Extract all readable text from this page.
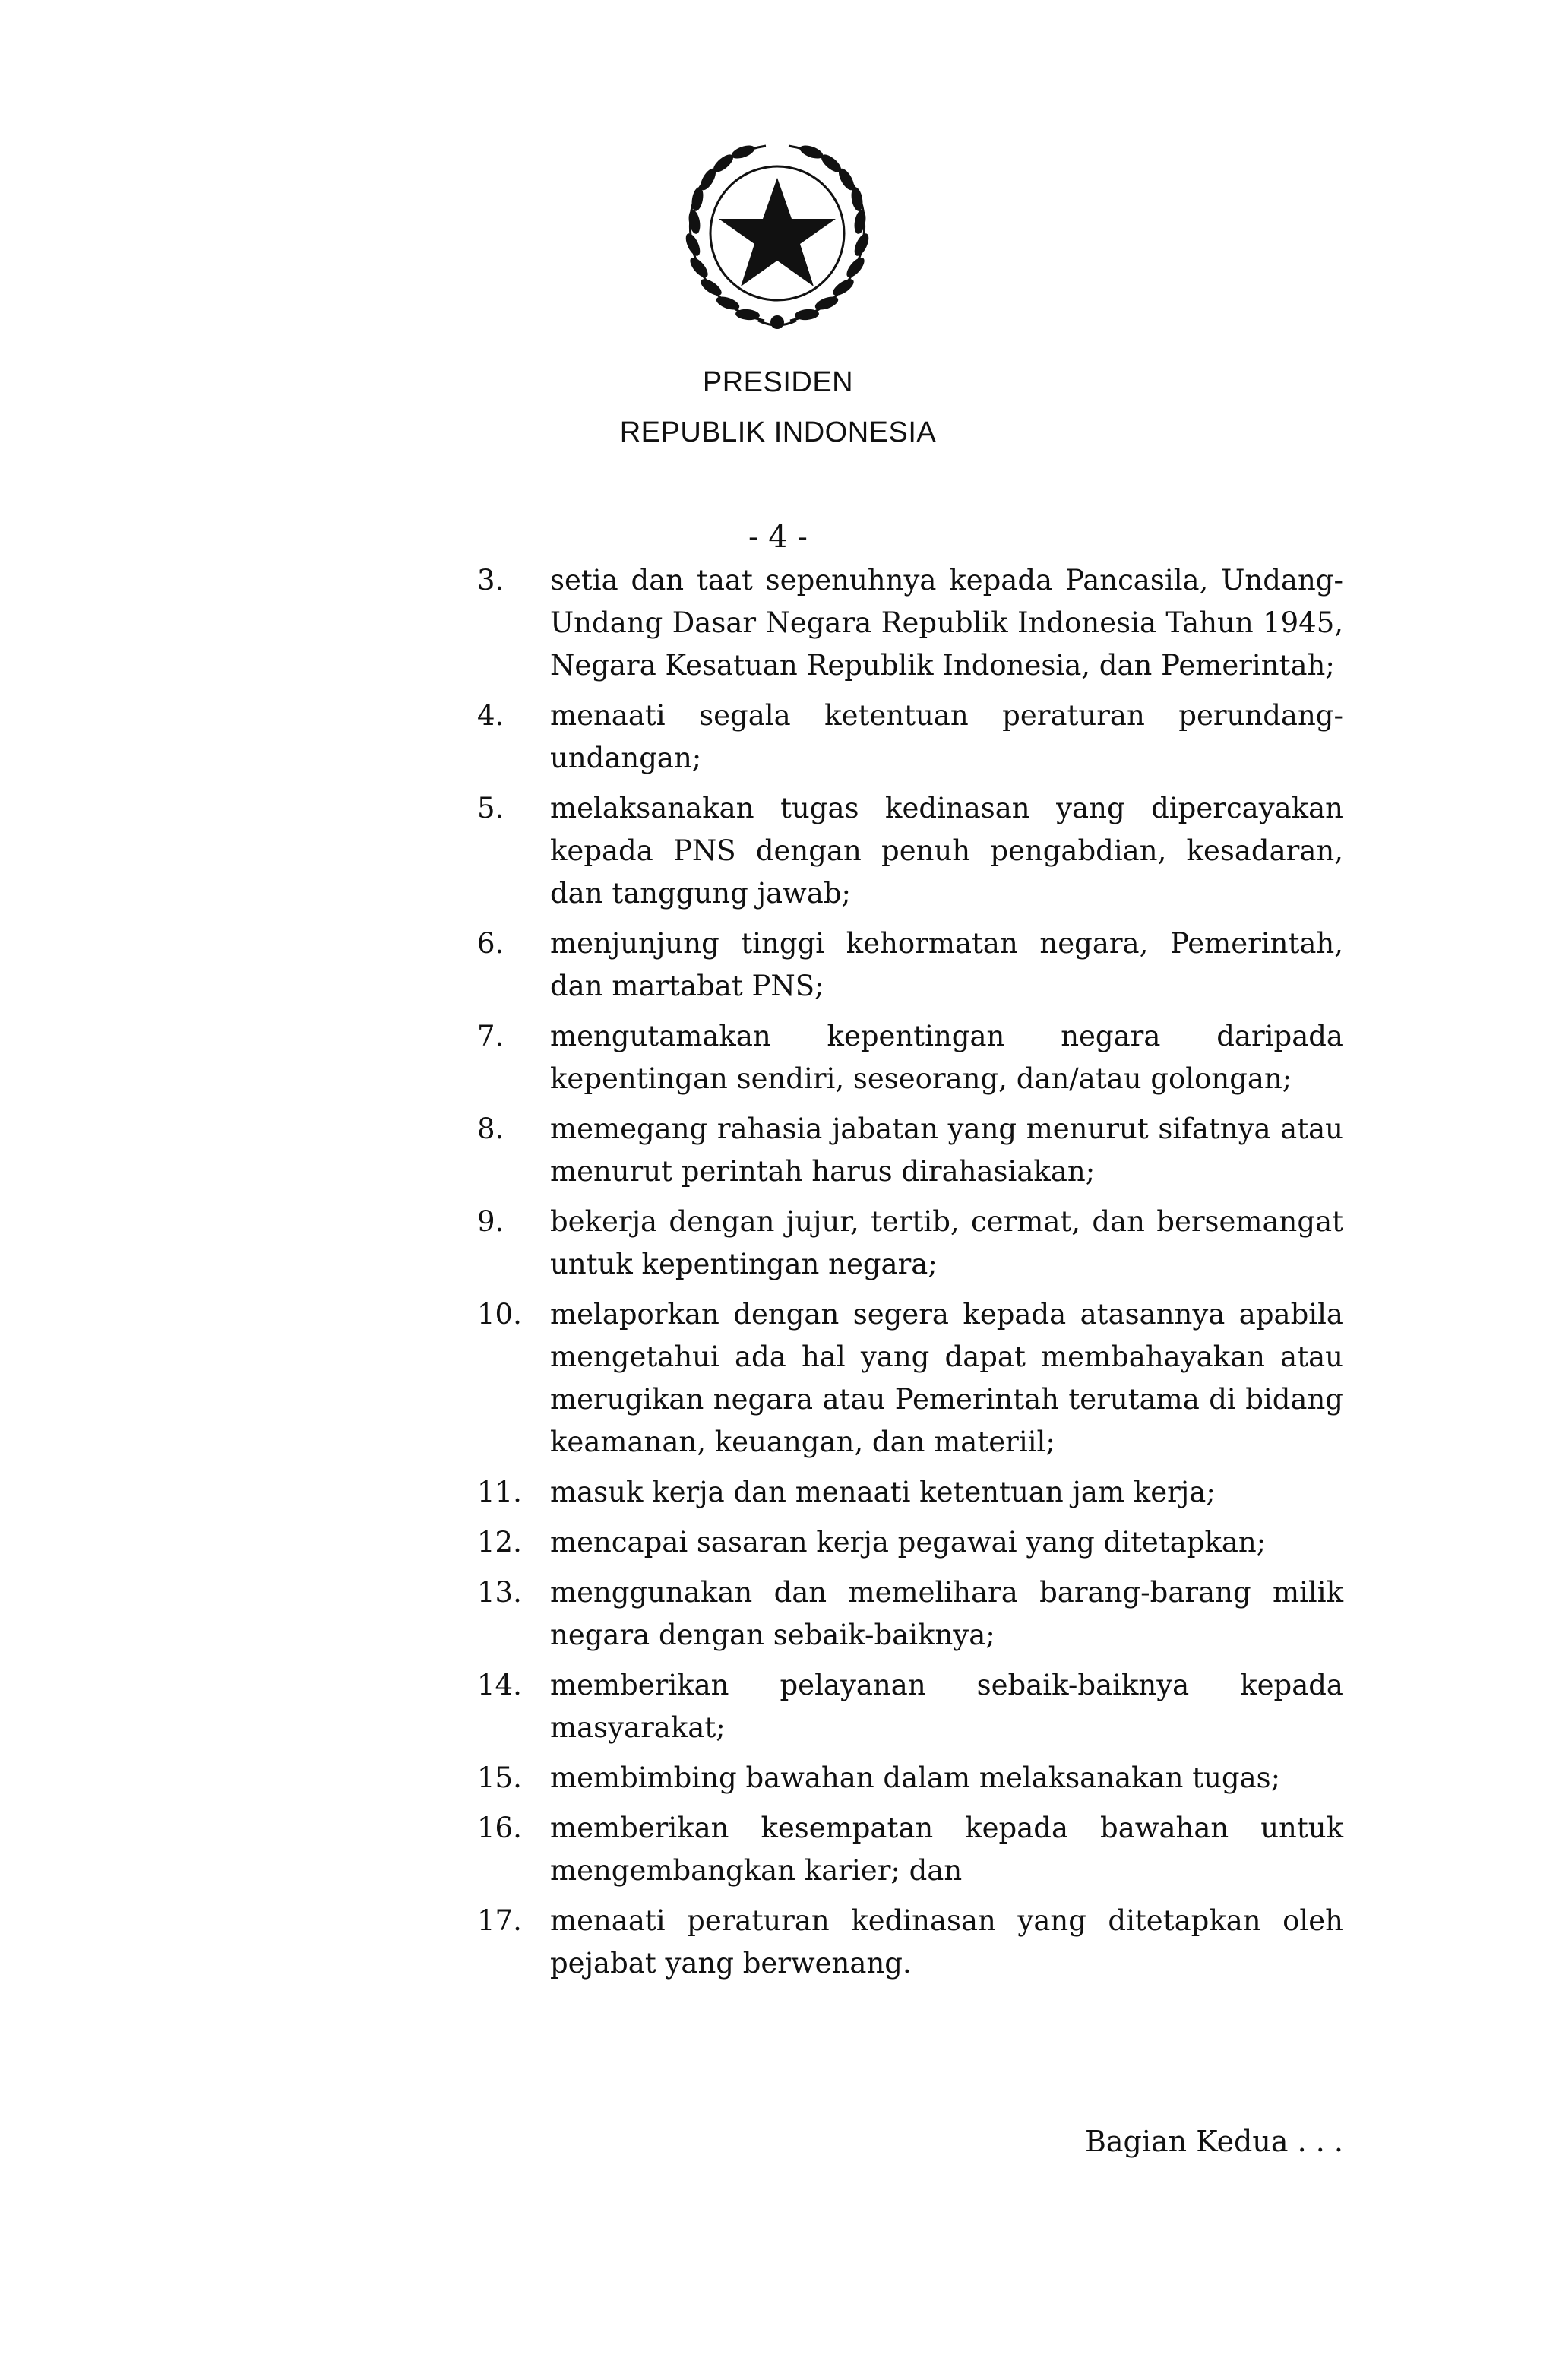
PRESIDEN
REPUBLIK INDONESIA
- 4 -
3.	setia dan taat sepenuhnya kepada Pancasila, Undang-Undang Dasar Negara Republik Indonesia Tahun 1945, Negara Kesatuan Republik Indonesia, dan Pemerintah;
4.	menaati segala ketentuan peraturan perundang-undangan;
5.	melaksanakan tugas kedinasan yang dipercayakan kepada PNS dengan penuh pengabdian, kesadaran, dan tanggung jawab;
6.	menjunjung tinggi kehormatan negara, Pemerintah, dan martabat PNS;
7.	mengutamakan kepentingan negara daripada kepentingan sendiri, seseorang, dan/atau golongan;
8.	memegang rahasia jabatan yang menurut sifatnya atau menurut perintah harus dirahasiakan;
9.	bekerja dengan jujur, tertib, cermat, dan bersemangat untuk kepentingan negara;
10.	melaporkan dengan segera kepada atasannya apabila mengetahui ada hal yang dapat membahayakan atau merugikan negara atau Pemerintah terutama di bidang keamanan, keuangan, dan materiil;
11.	masuk kerja dan menaati ketentuan jam kerja;
12.	mencapai sasaran kerja pegawai yang ditetapkan;
13.	menggunakan dan memelihara barang-barang milik negara dengan sebaik-baiknya;
14.	memberikan pelayanan sebaik-baiknya kepada masyarakat;
15.	membimbing bawahan dalam melaksanakan tugas;
16.	memberikan kesempatan kepada bawahan untuk mengembangkan karier; dan
17.	menaati peraturan kedinasan yang ditetapkan oleh pejabat yang berwenang.
Bagian Kedua . . .
